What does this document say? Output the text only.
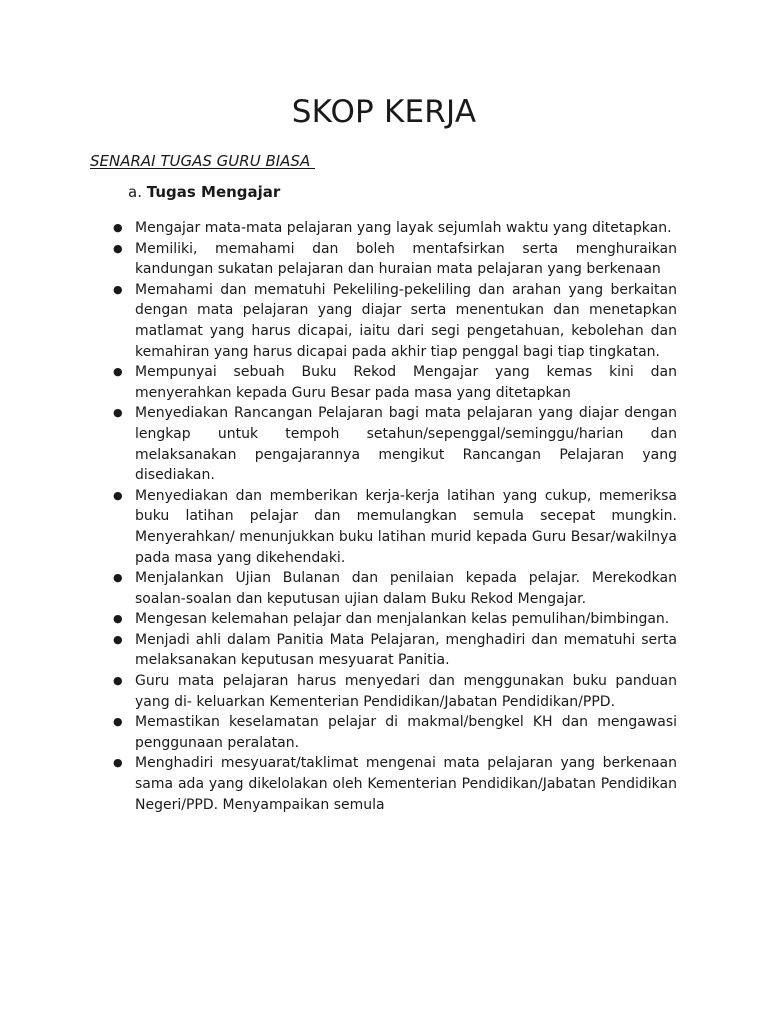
SKOP KERJA

SENARAI TUGAS GURU BIASA

a. Tugas Mengajar

● Mengajar mata-mata pelajaran yang layak sejumlah waktu yang ditetapkan.
● Memiliki, memahami dan boleh mentafsirkan serta menghuraikan kandungan sukatan pelajaran dan huraian mata pelajaran yang berkenaan
● Memahami dan mematuhi Pekeliling-pekeliling dan arahan yang berkaitan dengan mata pelajaran yang diajar serta menentukan dan menetapkan matlamat yang harus dicapai, iaitu dari segi pengetahuan, kebolehan dan kemahiran yang harus dicapai pada akhir tiap penggal bagi tiap tingkatan.
● Mempunyai sebuah Buku Rekod Mengajar yang kemas kini dan menyerahkan kepada Guru Besar pada masa yang ditetapkan
● Menyediakan Rancangan Pelajaran bagi mata pelajaran yang diajar dengan lengkap untuk tempoh setahun/sepenggal/seminggu/harian dan melaksanakan pengajarannya mengikut Rancangan Pelajaran yang disediakan.
● Menyediakan dan memberikan kerja-kerja latihan yang cukup, memeriksa buku latihan pelajar dan memulangkan semula secepat mungkin. Menyerahkan/ menunjukkan buku latihan murid kepada Guru Besar/wakilnya pada masa yang dikehendaki.
● Menjalankan Ujian Bulanan dan penilaian kepada pelajar. Merekodkan soalan-soalan dan keputusan ujian dalam Buku Rekod Mengajar.
● Mengesan kelemahan pelajar dan menjalankan kelas pemulihan/bimbingan.
● Menjadi ahli dalam Panitia Mata Pelajaran, menghadiri dan mematuhi serta melaksanakan keputusan mesyuarat Panitia.
● Guru mata pelajaran harus menyedari dan menggunakan buku panduan yang di- keluarkan Kementerian Pendidikan/Jabatan Pendidikan/PPD.
● Memastikan keselamatan pelajar di makmal/bengkel KH dan mengawasi penggunaan peralatan.
● Menghadiri mesyuarat/taklimat mengenai mata pelajaran yang berkenaan sama ada yang dikelolakan oleh Kementerian Pendidikan/Jabatan Pendidikan Negeri/PPD. Menyampaikan semula
